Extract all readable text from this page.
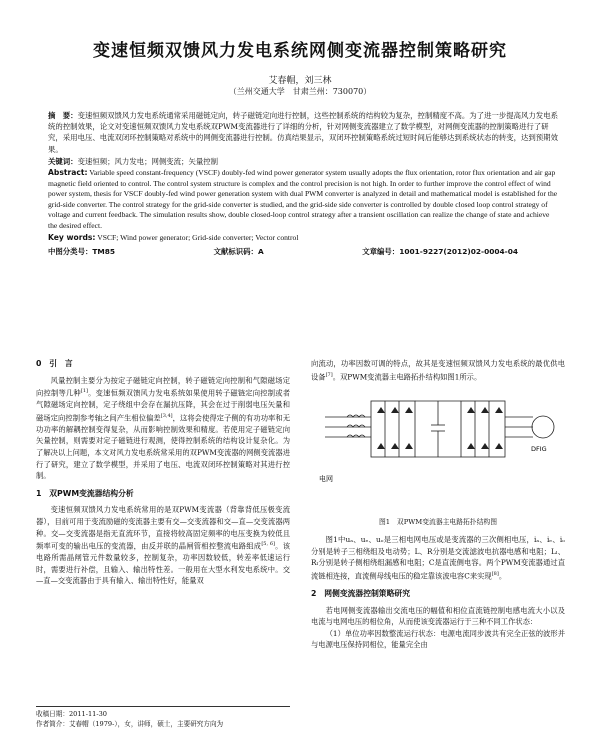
变速恒频双馈风力发电系统网侧变流器控制策略研究
艾春帽，刘三林
（兰州交通大学　甘肃兰州：730070）

摘　要：变速恒频双馈风力发电系统通常采用磁链定向，转子磁链定向进行控制，这些控制系统的结构较为复杂，控制精度不高。为了进一步提高风力发电系统的控制效果，论文对变速恒频双馈风力发电系统双PWM变流器进行了详细的分析，针对网侧变流器建立了数学模型，对网侧变流器的控制策略进行了研究，采用电压、电流双闭环控制策略对系统中的网侧变流器进行控制。仿真结果显示，双闭环控制策略系统过短时间后能够达到系统状态的转变，达到预期效果。

关键词：变速恒频；风力发电；网侧变流；矢量控制

Abstract: Variable speed constant-frequency (VSCF) doubly-fed wind power generator system usually adopts the flux orientation, rotor flux orientation and air gap magnetic field oriented to control. The control system structure is complex and the control precision is not high. In order to further improve the control effect of wind power system, thesis for VSCF doubly-fed wind power generation system with dual PWM converter is analyzed in detail and mathematical model is established for the grid-side converter. The control strategy for the grid-side converter is studied, and the grid-side side converter is controlled by double closed loop control strategy of voltage and current feedback. The simulation results show, double closed-loop control strategy after a transient oscillation can realize the change of state and achieve the desired effect.

Key words: VSCF; Wind power generator; Grid-side converter; Vector control

中图分类号：TM85	文献标识码：A	文章编号：1001-9227(2012)02-0004-04
0　引　言

风量控制主要分为按定子磁链定向控制，转子磁链定向控制和气隙磁场定向控制等几种[1]。变速恒频双馈风力发电系统如果使用转子磁链定向控制或者气隙磁场定向控制，定子绕组中会存在漏抗压降，其会在过于削弱电压矢量和磁场定向控制参考轴之间产生相位偏差[3,4]，这将会使得定子侧的有功功率和无功功率的解耦控制变得复杂，从而影响控制效果和精度。若使用定子磁链定向矢量控制，则需要对定子磁链进行观测，使得控制系统的结构设计复杂化。为了解决以上问题，本文对风力发电系统常采用的双PWM变流器的网侧变流器进行了研究，建立了数学模型，并采用了电压、电流双闭环控制策略对其进行控制。

1　双PWM变流器结构分析

变速恒频双馈风力发电系统常用的是双PWM变流器（背靠背低压极变流器），目前可用于变流励磁的变流器主要有交—交变流器和交—直—交变流器两种。交—交变流器是指无直流环节，直接将较高固定频率的电压变换为较低且频率可变的输出电压的变流器，由反并联的晶闸管相控整流电路组成[5, 6]。该电路所需晶闸管元件数量较多，控制复杂，功率因数较低，转差率低速运行时，需要进行补偿，且输入、输出特性差。一般用在大型水利发电系统中。交—直—交变流器由于具有输入、输出特性好，能量双

向流动，功率因数可调的特点，故其是变速恒频双馈风力发电系统的最优供电设备[7]。双PWM变流器主电路拓扑结构如图1所示。

电网
DFIG
图1　双PWM变流器主电路拓扑结构图

图1中uₐ、uₑ、uₒ是三相电网电压或是变流器的三次侧相电压，iₐ、iₑ、iₒ分别是转子三相绕组及电动势；L、R分别是交流滤波电抗器电感和电阻；Lₗ、Rₗ分别是转子侧相绕组漏感和电阻；C是直流侧电容。两个PWM变流器通过直流链相连接，直流侧母线电压的稳定靠该波电容C来实现[8]。

2　网侧变流器控制策略研究

若电网侧变流器输出交流电压的幅值和相位直流链控制电感电流大小以及电流与电网电压的相位角，从而使该变流器运行于三种不同工作状态：

（1）单位功率因数整流运行状态：电源电流同步波共有完全正弦的波形并与电源电压保持同相位，能量完全由

收稿日期：2011-11-30
作者简介：艾春帽（1979-），女，讲师，硕士，主要研究方向为
